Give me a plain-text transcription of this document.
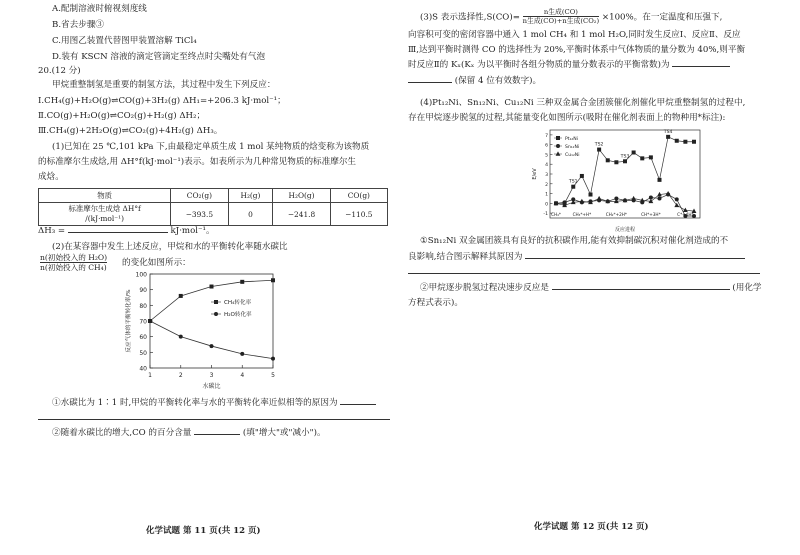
A.配制溶液时俯视刻度线
B.省去步骤③
C.用图乙装置代替图甲装置溶解 TiCl₄
D.装有 KSCN 溶液的滴定管滴定至终点时尖嘴处有气泡
20.(12 分)
甲烷重整制氢是重要的制氢方法，其过程中发生下列反应：
Ⅰ.CH₄(g)+H₂O(g)⇌CO(g)+3H₂(g) ΔH₁=+206.3 kJ·mol⁻¹；
Ⅱ.CO(g)+H₂O(g)⇌CO₂(g)+H₂(g) ΔH₂；
Ⅲ.CH₄(g)+2H₂O(g)⇌CO₂(g)+4H₂(g) ΔH₃。
(1)已知在 25 ℃,101 kPa 下,由最稳定单质生成 1 mol 某纯物质的焓变称为该物质
的标准摩尔生成焓,用 ΔH°f(kJ·mol⁻¹)表示。如表所示为几种常见物质的标准摩尔生
成焓。
物质	CO₂(g)	H₂(g)	H₂O(g)	CO(g)
标准摩尔生成焓 ΔH°f
/(kJ·mol⁻¹)	−393.5	0	−241.8	−110.5
ΔH₃ =	kJ·mol⁻¹。
(2)在某容器中发生上述反应，甲烷和水的平衡转化率随水碳比
n(初始投入的 H₂O)
n(初始投入的 CH₄) 的变化如图所示：
40
50
60
70
80
90
100
1	2	3	4	5
水碳比
反应气体的平衡转化率/%	CH₄转化率
H₂O转化率
①水碳比为 1∶1 时,甲烷的平衡转化率与水的平衡转化率近似相等的原因为
②随着水碳比的增大,CO 的百分含量	(填"增大"或"减小")。
化学试题 第 11 页(共 12 页)
(3)S 表示选择性,S(CO)= n生成(CO)
n生成(CO)+n生成(CO₂) ×100%。在一定温度和压强下,
向容积可变的密闭容器中通入 1 mol CH₄ 和 1 mol H₂O,同时发生反应Ⅰ、反应Ⅱ、反应
Ⅲ,达到平衡时测得 CO 的选择性为 20%,平衡时体系中气体物质的量分数为 40%,则平衡
时反应Ⅱ的 Kₓ(Kₓ 为以平衡时各组分物质的量分数表示的平衡常数)为
(保留 4 位有效数字)。
(4)Pt₁₂Ni、Sn₁₂Ni、Cu₁₂Ni 三种双金属合金团簇催化剂催化甲烷重整制氢的过程中,
存在甲烷逐步脱氢的过程,其能量变化如图所示(吸附在催化剂表面上的物种用*标注):
-1
0
1
2
3
4
5
6
7
E/eV
反应进程
Pt₁₂Ni
Sn₁₂Ni
Cu₁₂Ni
TS1
TS2
TS3
TS4
CH₄*	CH₃*+H*	CH₂*+2H*	CH*+3H*	C*+4H*
①Sn₁₂Ni 双金属团簇具有良好的抗积碳作用,能有效抑制碳沉积对催化剂造成的不
良影响,结合图示解释其原因为
②甲烷逐步脱氢过程决速步反应是	(用化学
方程式表示)。
化学试题 第 12 页(共 12 页)
